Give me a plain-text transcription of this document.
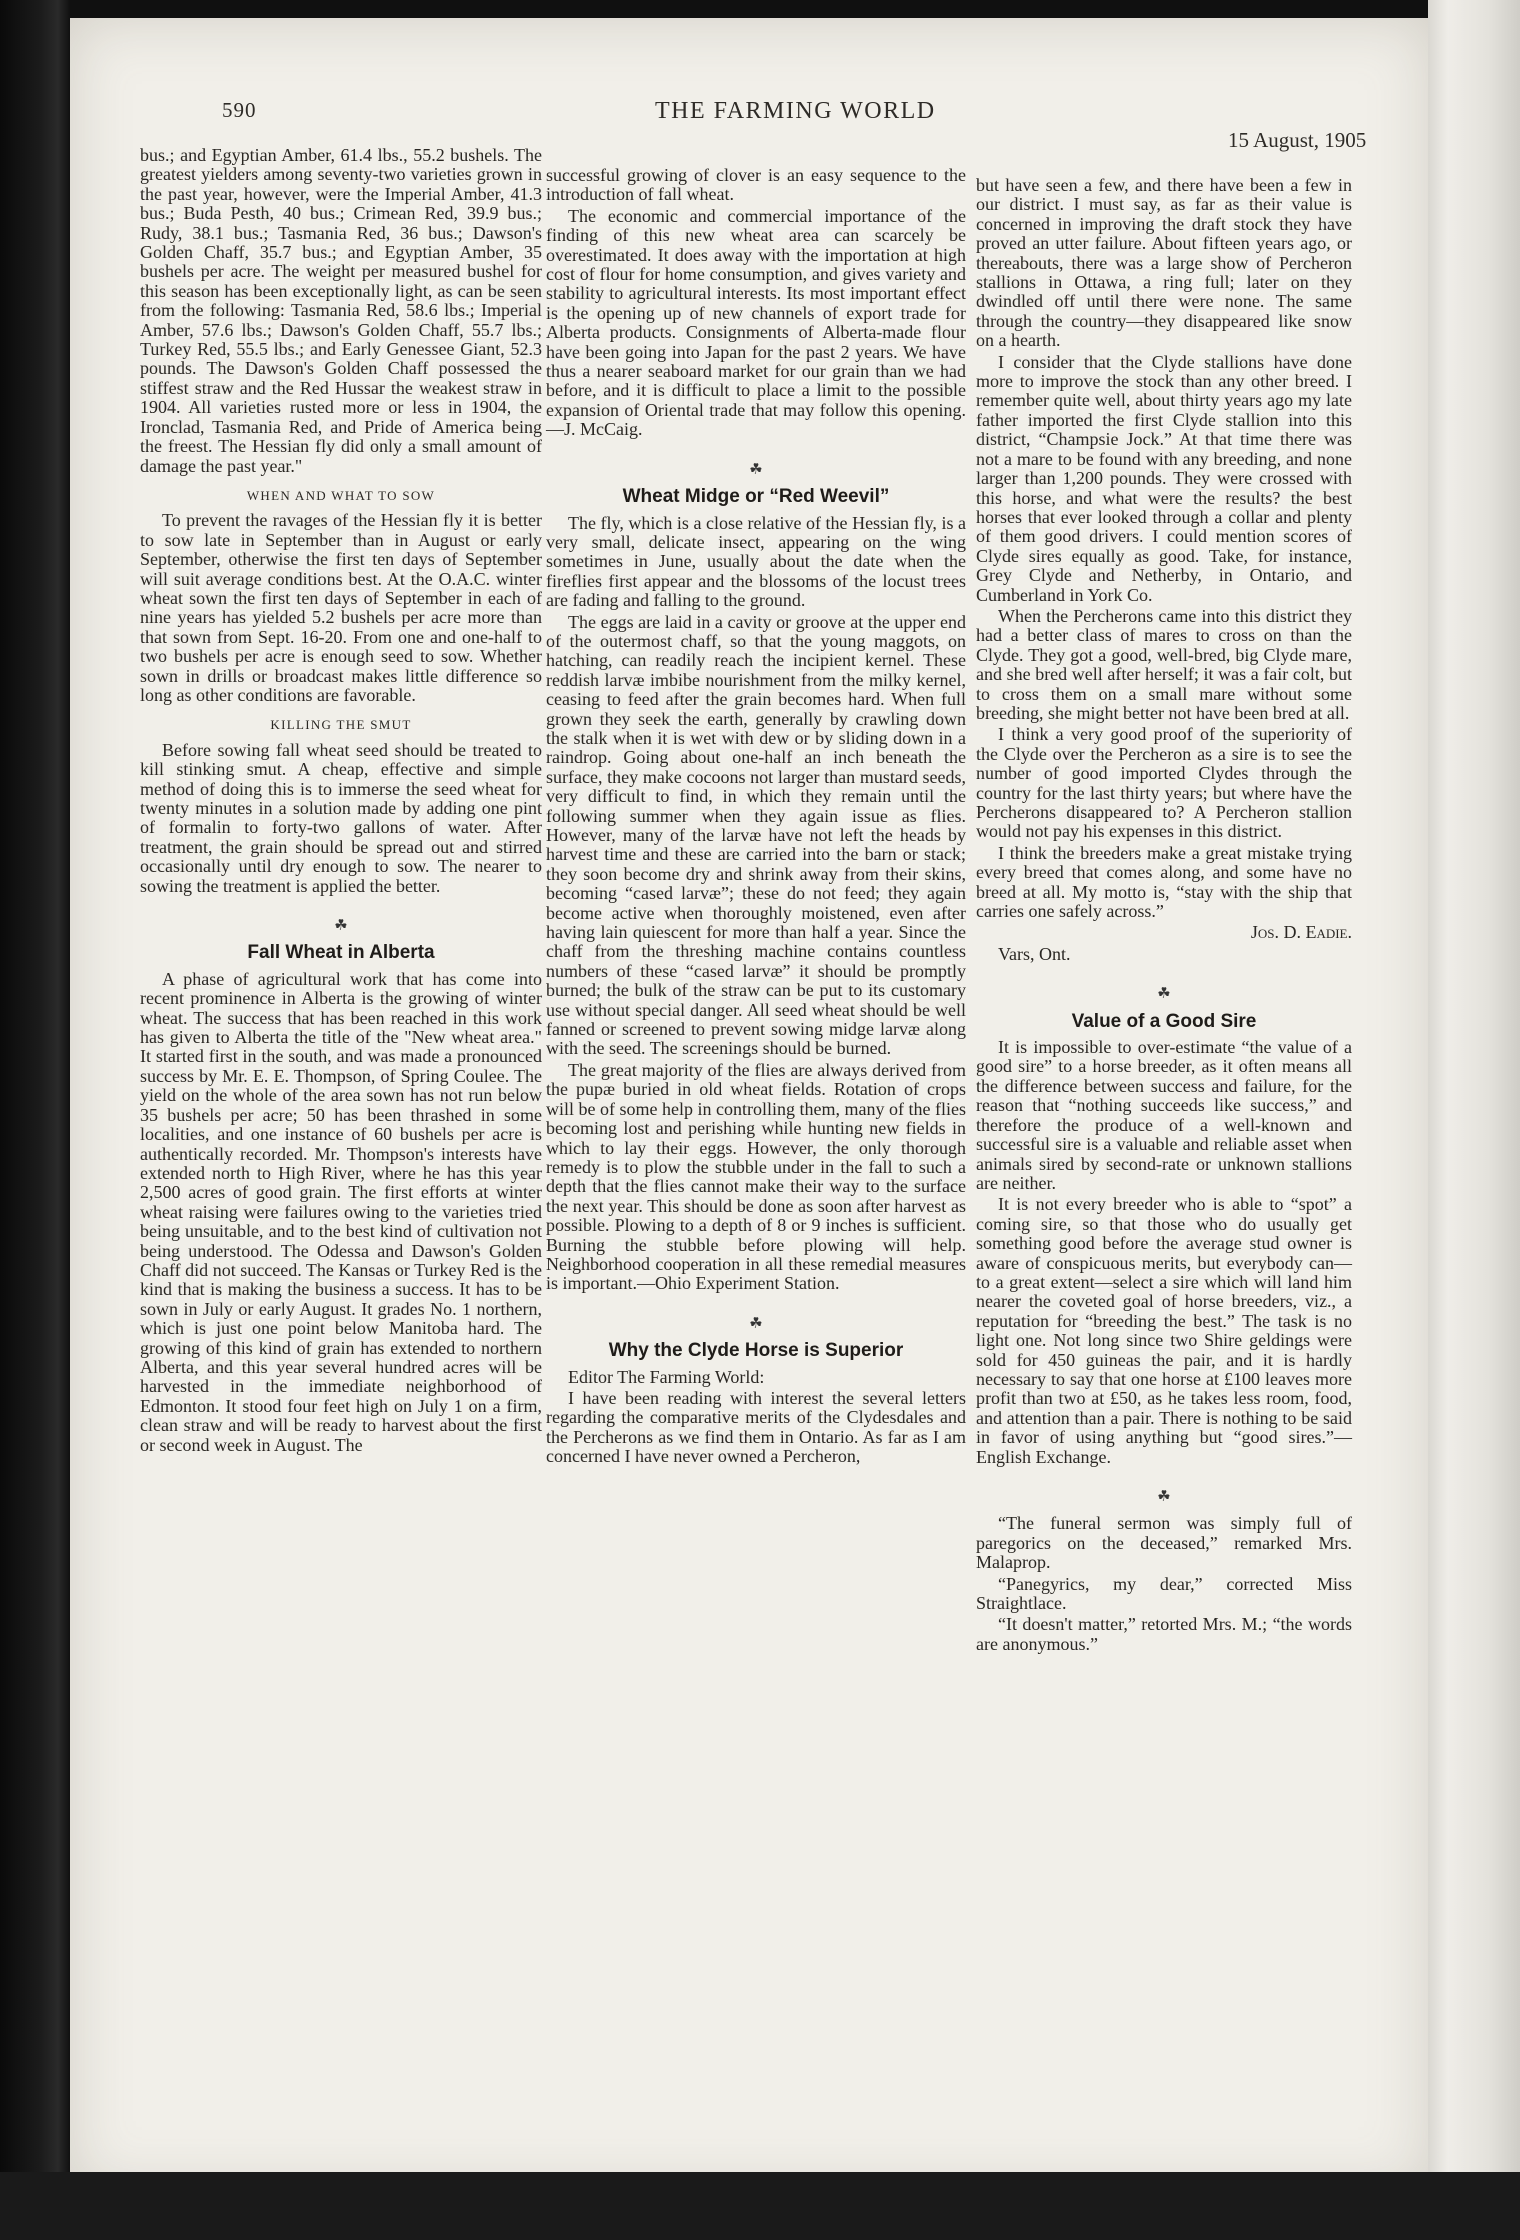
590	THE FARMING WORLD
15 August, 1905

bus.; and Egyptian Amber, 61.4 lbs., 55.2 bushels. The greatest yielders among seventy-two varieties grown in the past year, however, were the Imperial Amber, 41.3 bus.; Buda Pesth, 40 bus.; Crimean Red, 39.9 bus.; Rudy, 38.1 bus.; Tasmania Red, 36 bus.; Dawson's Golden Chaff, 35.7 bus.; and Egyptian Amber, 35 bushels per acre. The weight per measured bushel for this season has been exceptionally light, as can be seen from the following: Tasmania Red, 58.6 lbs.; Imperial Amber, 57.6 lbs.; Dawson's Golden Chaff, 55.7 lbs.; Turkey Red, 55.5 lbs.; and Early Genessee Giant, 52.3 pounds. The Dawson's Golden Chaff possessed the stiffest straw and the Red Hussar the weakest straw in 1904. All varieties rusted more or less in 1904, the Ironclad, Tasmania Red, and Pride of America being the freest. The Hessian fly did only a small amount of damage the past year."

WHEN AND WHAT TO SOW

To prevent the ravages of the Hessian fly it is better to sow late in September than in August or early September, otherwise the first ten days of September will suit average conditions best. At the O.A.C. winter wheat sown the first ten days of September in each of nine years has yielded 5.2 bushels per acre more than that sown from Sept. 16-20. From one and one-half to two bushels per acre is enough seed to sow. Whether sown in drills or broadcast makes little difference so long as other conditions are favorable.

KILLING THE SMUT

Before sowing fall wheat seed should be treated to kill stinking smut. A cheap, effective and simple method of doing this is to immerse the seed wheat for twenty minutes in a solution made by adding one pint of formalin to forty-two gallons of water. After treatment, the grain should be spread out and stirred occasionally until dry enough to sow. The nearer to sowing the treatment is applied the better.

☘
Fall Wheat in Alberta

A phase of agricultural work that has come into recent prominence in Alberta is the growing of winter wheat. The success that has been reached in this work has given to Alberta the title of the "New wheat area." It started first in the south, and was made a pronounced success by Mr. E. E. Thompson, of Spring Coulee. The yield on the whole of the area sown has not run below 35 bushels per acre; 50 has been thrashed in some localities, and one instance of 60 bushels per acre is authentically recorded. Mr. Thompson's interests have extended north to High River, where he has this year 2,500 acres of good grain. The first efforts at winter wheat raising were failures owing to the varieties tried being unsuitable, and to the best kind of cultivation not being understood. The Odessa and Dawson's Golden Chaff did not succeed. The Kansas or Turkey Red is the kind that is making the business a success. It has to be sown in July or early August. It grades No. 1 northern, which is just one point below Manitoba hard. The growing of this kind of grain has extended to northern Alberta, and this year several hundred acres will be harvested in the immediate neighborhood of Edmonton. It stood four feet high on July 1 on a firm, clean straw and will be ready to harvest about the first or second week in August. The

successful growing of clover is an easy sequence to the introduction of fall wheat.

The economic and commercial importance of the finding of this new wheat area can scarcely be overestimated. It does away with the importation at high cost of flour for home consumption, and gives variety and stability to agricultural interests. Its most important effect is the opening up of new channels of export trade for Alberta products. Consignments of Alberta-made flour have been going into Japan for the past 2 years. We have thus a nearer seaboard market for our grain than we had before, and it is difficult to place a limit to the possible expansion of Oriental trade that may follow this opening.—J. McCaig.

☘
Wheat Midge or “Red Weevil”

The fly, which is a close relative of the Hessian fly, is a very small, delicate insect, appearing on the wing sometimes in June, usually about the date when the fireflies first appear and the blossoms of the locust trees are fading and falling to the ground.

The eggs are laid in a cavity or groove at the upper end of the outermost chaff, so that the young maggots, on hatching, can readily reach the incipient kernel. These reddish larvæ imbibe nourishment from the milky kernel, ceasing to feed after the grain becomes hard. When full grown they seek the earth, generally by crawling down the stalk when it is wet with dew or by sliding down in a raindrop. Going about one-half an inch beneath the surface, they make cocoons not larger than mustard seeds, very difficult to find, in which they remain until the following summer when they again issue as flies. However, many of the larvæ have not left the heads by harvest time and these are carried into the barn or stack; they soon become dry and shrink away from their skins, becoming “cased larvæ”; these do not feed; they again become active when thoroughly moistened, even after having lain quiescent for more than half a year. Since the chaff from the threshing machine contains countless numbers of these “cased larvæ” it should be promptly burned; the bulk of the straw can be put to its customary use without special danger. All seed wheat should be well fanned or screened to prevent sowing midge larvæ along with the seed. The screenings should be burned.

The great majority of the flies are always derived from the pupæ buried in old wheat fields. Rotation of crops will be of some help in controlling them, many of the flies becoming lost and perishing while hunting new fields in which to lay their eggs. However, the only thorough remedy is to plow the stubble under in the fall to such a depth that the flies cannot make their way to the surface the next year. This should be done as soon after harvest as possible. Plowing to a depth of 8 or 9 inches is sufficient. Burning the stubble before plowing will help. Neighborhood cooperation in all these remedial measures is important.—Ohio Experiment Station.

☘
Why the Clyde Horse is Superior

Editor The Farming World:

I have been reading with interest the several letters regarding the comparative merits of the Clydesdales and the Percherons as we find them in Ontario. As far as I am concerned I have never owned a Percheron,

but have seen a few, and there have been a few in our district. I must say, as far as their value is concerned in improving the draft stock they have proved an utter failure. About fifteen years ago, or thereabouts, there was a large show of Percheron stallions in Ottawa, a ring full; later on they dwindled off until there were none. The same through the country—they disappeared like snow on a hearth.

I consider that the Clyde stallions have done more to improve the stock than any other breed. I remember quite well, about thirty years ago my late father imported the first Clyde stallion into this district, “Champsie Jock.” At that time there was not a mare to be found with any breeding, and none larger than 1,200 pounds. They were crossed with this horse, and what were the results? the best horses that ever looked through a collar and plenty of them good drivers. I could mention scores of Clyde sires equally as good. Take, for instance, Grey Clyde and Netherby, in Ontario, and Cumberland in York Co.

When the Percherons came into this district they had a better class of mares to cross on than the Clyde. They got a good, well-bred, big Clyde mare, and she bred well after herself; it was a fair colt, but to cross them on a small mare without some breeding, she might better not have been bred at all.

I think a very good proof of the superiority of the Clyde over the Percheron as a sire is to see the number of good imported Clydes through the country for the last thirty years; but where have the Percherons disappeared to? A Percheron stallion would not pay his expenses in this district.

I think the breeders make a great mistake trying every breed that comes along, and some have no breed at all. My motto is, “stay with the ship that carries one safely across.”

Jos. D. Eadie.

Vars, Ont.

☘
Value of a Good Sire

It is impossible to over-estimate “the value of a good sire” to a horse breeder, as it often means all the difference between success and failure, for the reason that “nothing succeeds like success,” and therefore the produce of a well-known and successful sire is a valuable and reliable asset when animals sired by second-rate or unknown stallions are neither.

It is not every breeder who is able to “spot” a coming sire, so that those who do usually get something good before the average stud owner is aware of conspicuous merits, but everybody can—to a great extent—select a sire which will land him nearer the coveted goal of horse breeders, viz., a reputation for “breeding the best.” The task is no light one. Not long since two Shire geldings were sold for 450 guineas the pair, and it is hardly necessary to say that one horse at £100 leaves more profit than two at £50, as he takes less room, food, and attention than a pair. There is nothing to be said in favor of using anything but “good sires.”—English Exchange.

☘

“The funeral sermon was simply full of paregorics on the deceased,” remarked Mrs. Malaprop.

“Panegyrics, my dear,” corrected Miss Straightlace.

“It doesn't matter,” retorted Mrs. M.; “the words are anonymous.”
